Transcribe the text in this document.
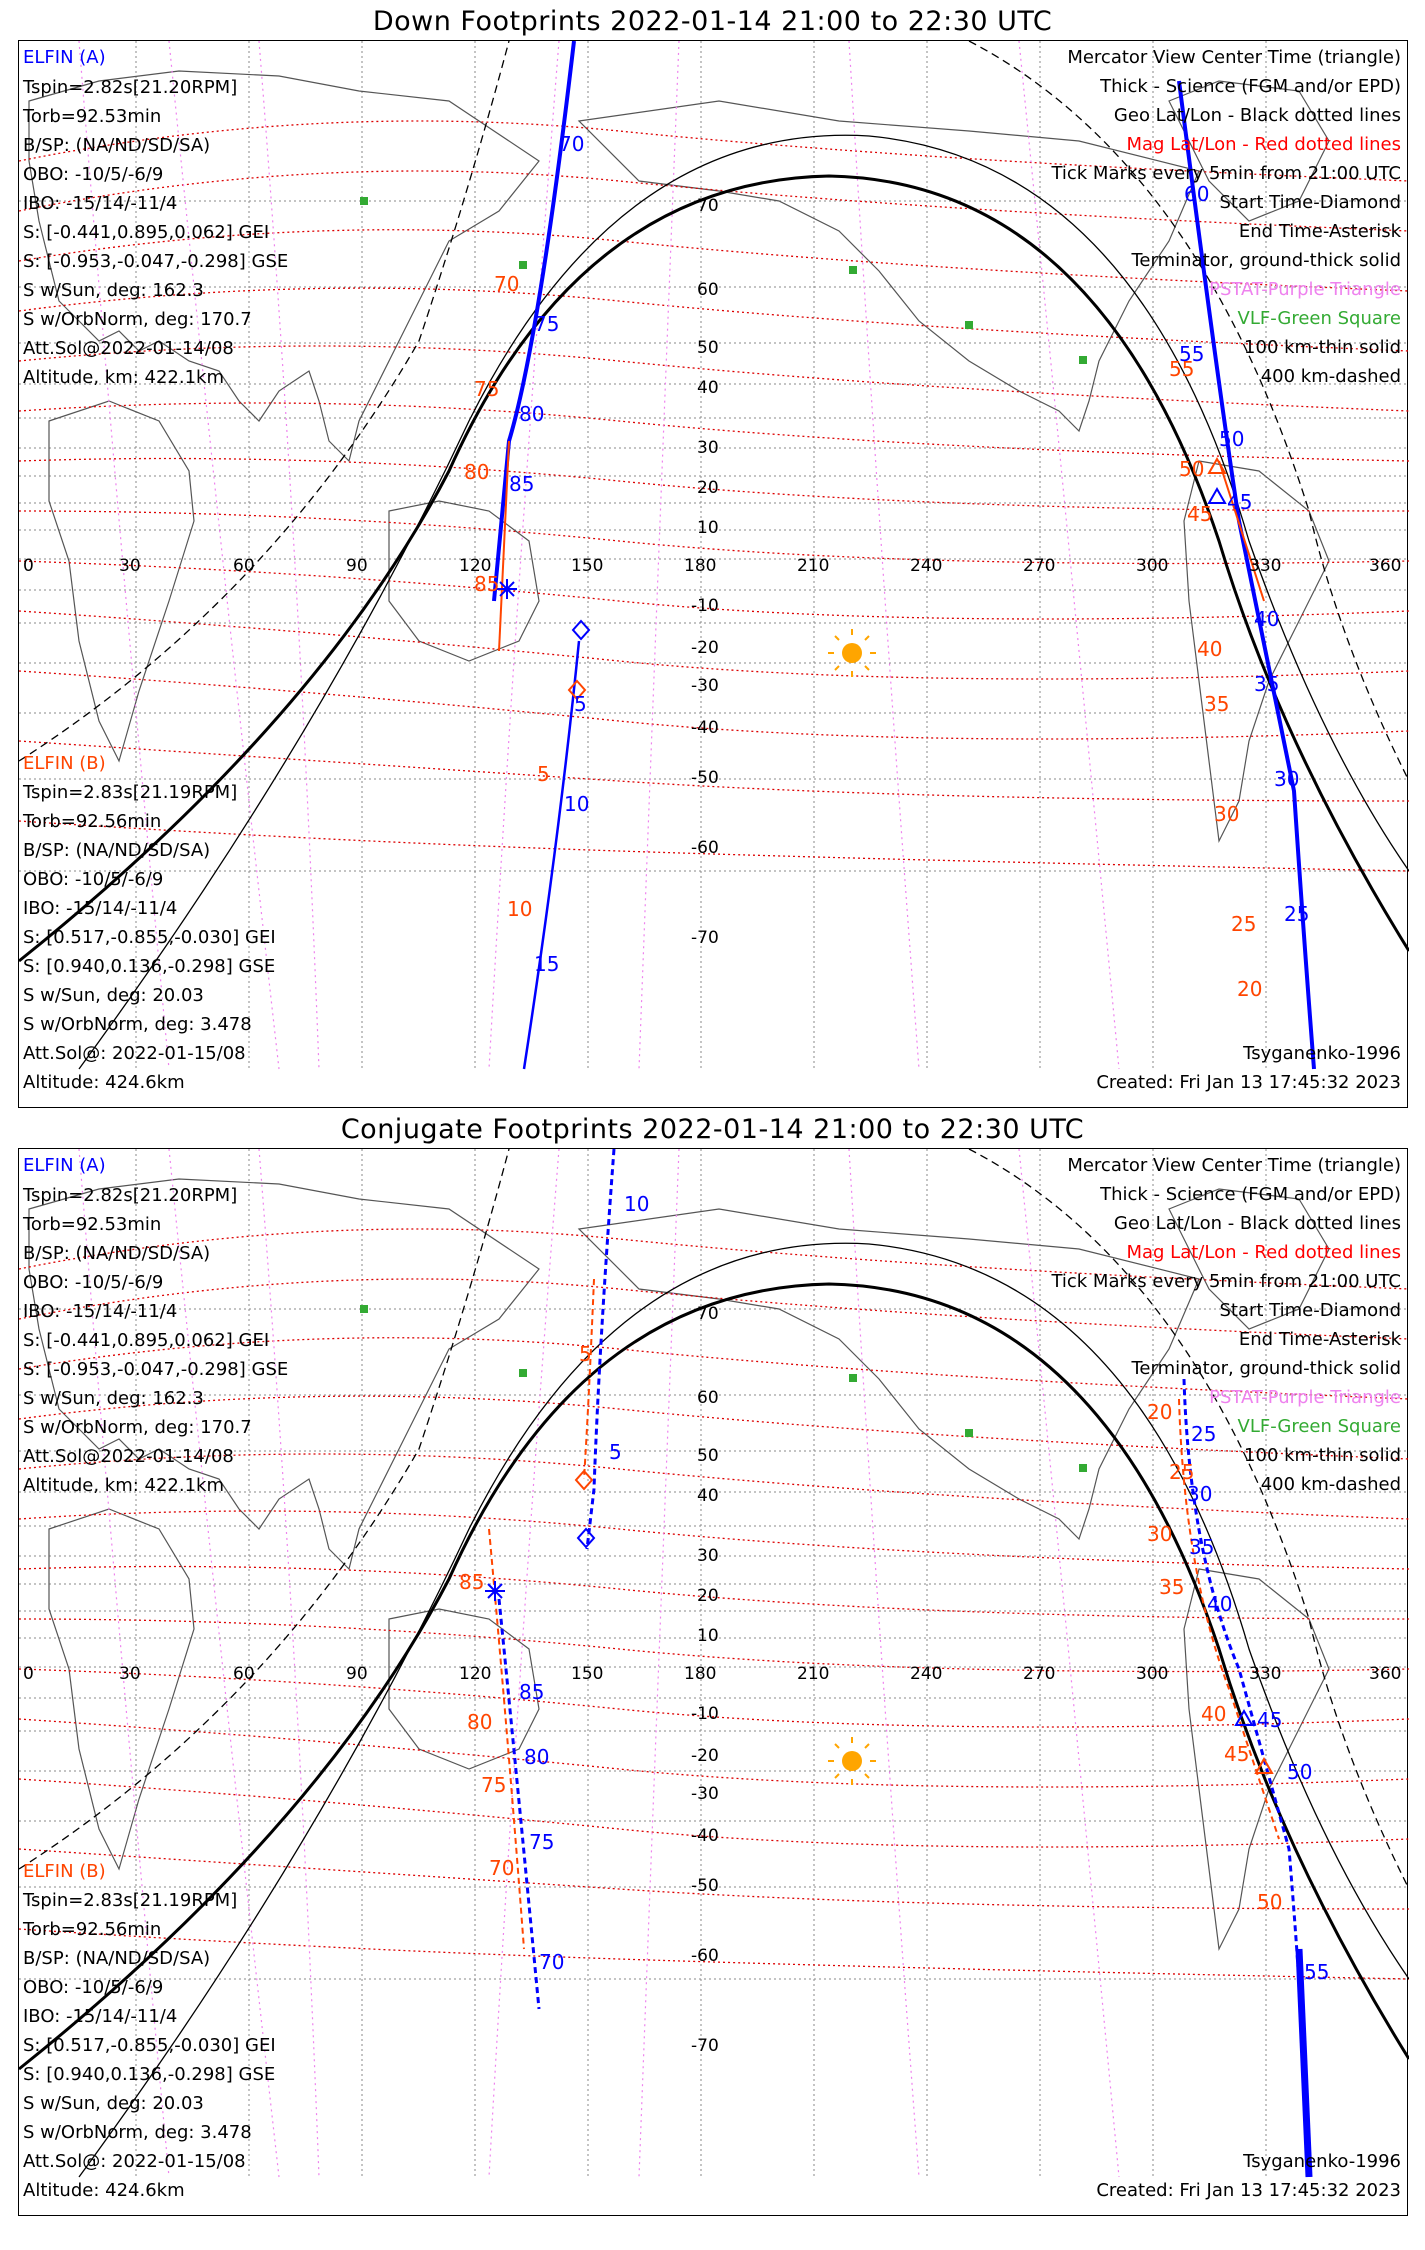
Down Footprints 2022-01-14 21:00 to 22:30 UTC
0	30	60	90	120	150	180	210	240	270	300	330	360
70
60
50
40
30
20
10
-10
-20
-30
-40
-50
-60
-70
70
75
80
85
5
10
15
60
55
50
45
40
35
30
25
70
75
80
85
5
10
55
50
45
40
35
30
25
20
ELFIN (A)
Tspin=2.82s[21.20RPM]
Torb=92.53min
B/SP: (NA/ND/SD/SA)
OBO: -10/5/-6/9
IBO: -15/14/-11/4
S: [-0.441,0.895,0.062] GEI
S: [-0.953,-0.047,-0.298] GSE
S w/Sun, deg: 162.3
S w/OrbNorm, deg: 170.7
Att.Sol@2022-01-14/08
Altitude, km: 422.1km
ELFIN (B)
Tspin=2.83s[21.19RPM]
Torb=92.56min
B/SP: (NA/ND/SD/SA)
OBO: -10/5/-6/9
IBO: -15/14/-11/4
S: [0.517,-0.855,-0.030] GEI
S: [0.940,0.136,-0.298] GSE
S w/Sun, deg: 20.03
S w/OrbNorm, deg: 3.478
Att.Sol@: 2022-01-15/08
Altitude: 424.6km
Mercator View Center Time (triangle)
Thick - Science (FGM and/or EPD)
Geo Lat/Lon - Black dotted lines
Mag Lat/Lon - Red dotted lines
Tick Marks every 5min from 21:00 UTC
Start Time-Diamond
End Time-Asterisk
Terminator, ground-thick solid
PSTAT-Purple Triangle
VLF-Green Square
100 km-thin solid
400 km-dashed
Tsyganenko-1996
Created: Fri Jan 13 17:45:32 2023
Conjugate Footprints 2022-01-14 21:00 to 22:30 UTC
0	30	60	90	120	150	180	210	240	270	300	330	360
70
60
50
40
30
20
10
-10
-20
-30
-40
-50
-60
-70
10
5
85
80
75
70
25
30
35
40
45
50
55
5
85
80
75
70
20
25
30
35
40
45
50
ELFIN (A)
Tspin=2.82s[21.20RPM]
Torb=92.53min
B/SP: (NA/ND/SD/SA)
OBO: -10/5/-6/9
IBO: -15/14/-11/4
S: [-0.441,0.895,0.062] GEI
S: [-0.953,-0.047,-0.298] GSE
S w/Sun, deg: 162.3
S w/OrbNorm, deg: 170.7
Att.Sol@2022-01-14/08
Altitude, km: 422.1km
ELFIN (B)
Tspin=2.83s[21.19RPM]
Torb=92.56min
B/SP: (NA/ND/SD/SA)
OBO: -10/5/-6/9
IBO: -15/14/-11/4
S: [0.517,-0.855,-0.030] GEI
S: [0.940,0.136,-0.298] GSE
S w/Sun, deg: 20.03
S w/OrbNorm, deg: 3.478
Att.Sol@: 2022-01-15/08
Altitude: 424.6km
Mercator View Center Time (triangle)
Thick - Science (FGM and/or EPD)
Geo Lat/Lon - Black dotted lines
Mag Lat/Lon - Red dotted lines
Tick Marks every 5min from 21:00 UTC
Start Time-Diamond
End Time-Asterisk
Terminator, ground-thick solid
PSTAT-Purple Triangle
VLF-Green Square
100 km-thin solid
400 km-dashed
Tsyganenko-1996
Created: Fri Jan 13 17:45:32 2023
